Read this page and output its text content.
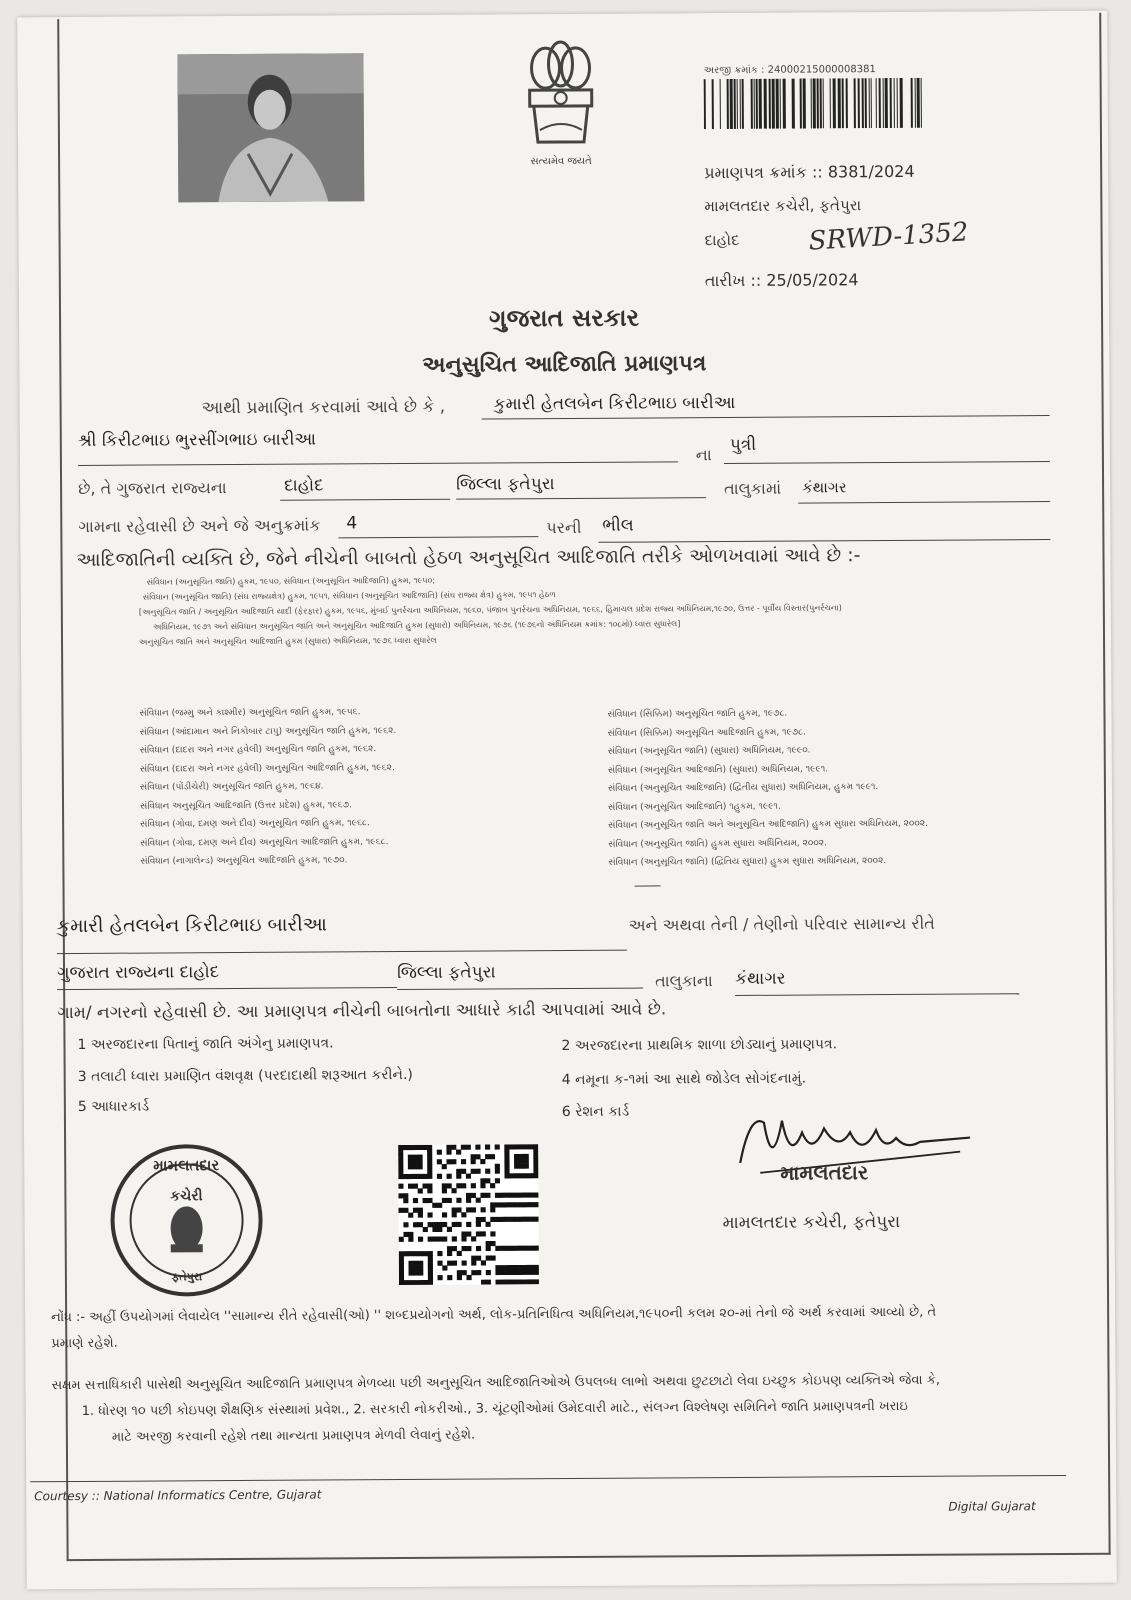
સત્યમેવ જયતે
અરજી ક્રમાંક : 24000215000008381
પ્રમાણપત્ર ક્રમાંક :: 8381/2024
મામલતદાર કચેરી, ફતેપુરા
દાહોદ	SRWD-1352
તારીખ :: 25/05/2024
ગુજરાત સરકાર
અનુસુચિત આદિજાતિ પ્રમાણપત્ર
આથી પ્રમાણિત કરવામાં આવે છે કે ,	કુમારી હેતલબેન કિરીટભાઇ બારીઆ
શ્રી કિરીટભાઇ ભુરસીંગભાઇ બારીઆ
ના	પુત્રી
છે, તે ગુજરાત રાજ્યના	દાહોદ	જિલ્લા ફતેપુરા	તાલુકામાં કંથાગર
ગામના રહેવાસી છે અને જે અનુક્રમાંક	4	પરની ભીલ
આદિજાતિની વ્યક્તિ છે, જેને નીચેની બાબતો હેઠળ અનુસૂચિત આદિજાતિ તરીકે ઓળખવામાં આવે છે :-
સંવિધાન (અનુસૂચિત જાતિ) હુકમ, ૧૯૫૦, સંવિધાન (અનુસૂચિત આદિજાતિ) હુકમ, ૧૯૫૦;
સંવિધાન (અનુસૂચિત જાતિ) (સંઘ રાજ્યક્ષેત્ર) હુકમ, ૧૯૫૧, સંવિધાન (અનુસૂચિત આદિજાતિ) (સંઘ રાજ્ય ક્ષેત્ર) હુકમ, ૧૯૫૧ હેઠળ
[અનુસૂચિત જાતિ / અનુસૂચિત આદિજાતિ યાદી (ફેરફાર) હુકમ, ૧૯૫૬, મુંબઈ પુનર્રચના અધિનિયમ, ૧૯૬૦, પંજાબ પુનર્રચના અધિનિયમ, ૧૯૬૬, હિમાચલ પ્રદેશ રાજ્ય અધિનિયમ,૧૯૭૦, ઉત્તર - પૂર્વીય વિસ્તાર(પુનર્રચના)
અધિનિયમ, ૧૯૭૧ અને સંવિધાન અનુસૂચિત જાતિ અને અનુસૂચિત આદિજાતિ હુકમ (સુધારો) અધિનિયમ, ૧૯૭૬ (૧૯૭૬નો અધિનિયમ ક્રમાંક: ૧૦૮મો) ધ્વારા સુધારેલ]
અનુસૂચિત જાતિ અને અનુસૂચિત આદિજાતિ હુકમ (સુધારા) અધિનિયમ, ૧૯૭૬ ધ્વારા સુધારેલ
સંવિધાન (જમ્મુ અને કાશ્મીર) અનુસૂચિત જાતિ હુકમ, ૧૯૫૬.
સંવિધાન (આંદામાન અને નિકોબાર ટાપુ) અનુસૂચિત જાતિ હુકમ, ૧૯૬૨.
સંવિધાન (દાદરા અને નગર હવેલી) અનુસૂચિત જાતિ હુકમ, ૧૯૬૨.
સંવિધાન (દાદરા અને નગર હવેલી) અનુસૂચિત આદિજાતિ હુકમ, ૧૯૬૨.
સંવિધાન (પોંડીચેરી) અનુસૂચિત જાતિ હુકમ, ૧૯૬૪.
સંવિધાન અનુસૂચિત આદિજાતિ (ઉત્તર પ્રદેશ) હુકમ, ૧૯૬૭.
સંવિધાન (ગોવા, દમણ અને દીવ) અનુસૂચિત જાતિ હુકમ, ૧૯૬૮.
સંવિધાન (ગોવા, દમણ અને દીવ) અનુસૂચિત આદિજાતિ હુકમ, ૧૯૬૮.
સંવિધાન (નાગાલેન્ડ) અનુસૂચિત આદિજાતિ હુકમ, ૧૯૭૦.
સંવિધાન (સિક્કિમ) અનુસૂચિત જાતિ હુકમ, ૧૯૭૮.
સંવિધાન (સિક્કિમ) અનુસૂચિત આદિજાતિ હુકમ, ૧૯૭૮.
સંવિધાન (અનુસૂચિત જાતિ) (સુધારા) અધિનિયમ, ૧૯૯૦.
સંવિધાન (અનુસૂચિત આદિજાતિ) (સુધારા) અધિનિયમ, ૧૯૯૧.
સંવિધાન (અનુસૂચિત આદિજાતિ) (દ્વિતીય સુધારા) અધિનિયમ, હુકમ ૧૯૯૧.
સંવિધાન (અનુસૂચિત આદિજાતિ) ૧હુકમ, ૧૯૯૧.
સંવિધાન (અનુસૂચિત જાતિ અને અનુસૂચિત આદિજાતિ) હુકમ સુધારા અધિનિયમ, ૨૦૦૨.
સંવિધાન (અનુસૂચિત જાતિ) હુકમ સુધારા અધિનિયમ, ૨૦૦૨.
સંવિધાન (અનુસૂચિત જાતિ) (દ્વિતિય સુધારા) હુકમ સુધારા અધિનિયમ, ૨૦૦૨.
કુમારી હેતલબેન કિરીટભાઇ બારીઆ	અને અથવા તેની / તેણીનો પરિવાર સામાન્ય રીતે
ગુજરાત રાજ્યના દાહોદ	જિલ્લા ફતેપુરા	તાલુકાના કંથાગર
ગામ/ નગરનો રહેવાસી છે. આ પ્રમાણપત્ર નીચેની બાબતોના આધારે કાઢી આપવામાં આવે છે.
1 અરજદારના પિતાનું જાતિ અંગેનુ પ્રમાણપત્ર.	2 અરજદારના પ્રાથમિક શાળા છોડ્યાનું પ્રમાણપત્ર.
3 તલાટી ધ્વારા પ્રમાણિત વંશવૃક્ષ (પરદાદાથી શરૂઆત કરીને.)	4 નમૂના ક-૧માં આ સાથે જોડેલ સોગંદનામું.
5 આધારકાર્ડ	6 રેશન કાર્ડ
મામલતદાર
કચેરી
ફતેપુરા
મામલતદાર
મામલતદાર કચેરી, ફતેપુરા
નોંધ :- અહીં ઉપયોગમાં લેવાયેલ ''સામાન્ય રીતે રહેવાસી(ઓ) '' શબ્દપ્રયોગનો અર્થ, લોક-પ્રતિનિધિત્વ અધિનિયમ,૧૯૫૦ની કલમ ૨૦-માં તેનો જે અર્થ કરવામાં આવ્યો છે, તે
પ્રમાણે રહેશે.
સક્ષમ સત્તાધિકારી પાસેથી અનુસૂચિત આદિજાતિ પ્રમાણપત્ર મેળવ્યા પછી અનુસૂચિત આદિજાતિઓએ ઉપલબ્ધ લાભો અથવા છુટછાટો લેવા ઇચ્છુક કોઇપણ વ્યક્તિએ જેવા કે,
1. ધોરણ ૧૦ પછી કોઇપણ શૈક્ષણિક સંસ્થામાં પ્રવેશ., 2. સરકારી નોકરીઓ., 3. ચૂંટણીઓમાં ઉમેદવારી માટે., સંલગ્ન વિશ્લેષણ સમિતિને જાતિ પ્રમાણપત્રની ખરાઇ
માટે અરજી કરવાની રહેશે તથા માન્યતા પ્રમાણપત્ર મેળવી લેવાનું રહેશે.
Courtesy :: National Informatics Centre, Gujarat
Digital Gujarat
